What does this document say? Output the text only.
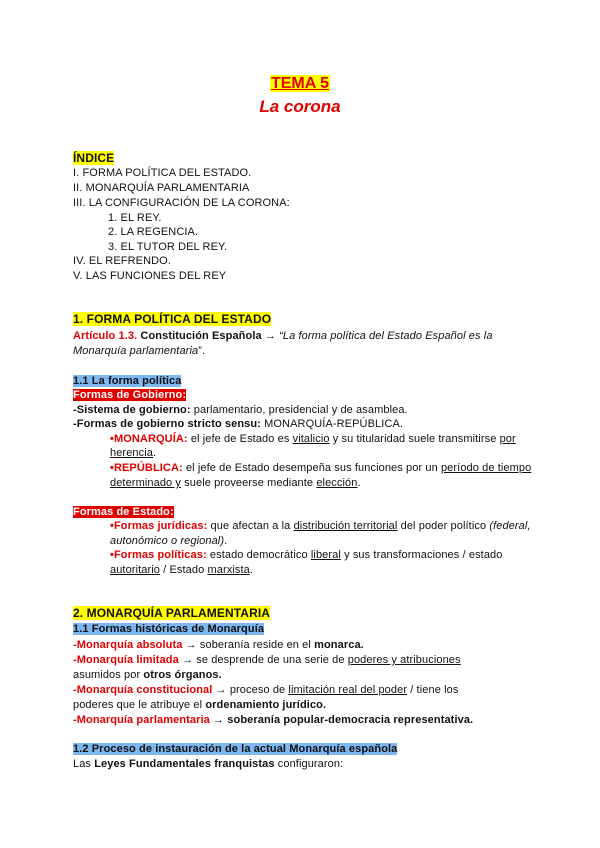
TEMA 5
La corona
ÍNDICE
I. FORMA POLÍTICA DEL ESTADO.
II. MONARQUÍA PARLAMENTARIA
III. LA CONFIGURACIÓN DE LA CORONA:
1. EL REY.
2. LA REGENCIA.
3. EL TUTOR DEL REY.
IV. EL REFRENDO.
V. LAS FUNCIONES DEL REY
1. FORMA POLÍTICA DEL ESTADO
Artículo 1.3. Constitución Española → “La forma política del Estado Español es la
Monarquía parlamentaria”.
1.1 La forma política
Formas de Gobierno:
-Sistema de gobierno: parlamentario, presidencial y de asamblea.
-Formas de gobierno stricto sensu: MONARQUÍA-REPÚBLICA.
•MONARQUÍA: el jefe de Estado es vitalicio y su titularidad suele transmitirse por
herencia.
•REPÚBLICA: el jefe de Estado desempeña sus funciones por un período de tiempo
determinado y suele proveerse mediante elección.
Formas de Estado:
•Formas jurídicas: que afectan a la distribución territorial del poder político (federal,
autonómico o regional).
•Formas políticas: estado democrático liberal y sus transformaciones / estado
autoritario / Estado marxista.
2. MONARQUÍA PARLAMENTARIA
1.1 Formas históricas de Monarquía
-Monarquía absoluta → soberanía reside en el monarca.
-Monarquía limitada → se desprende de una serie de poderes y atribuciones
asumidos por otros órganos.
-Monarquía constitucional → proceso de limitación real del poder / tiene los
poderes que le atribuye el ordenamiento jurídico.
-Monarquía parlamentaria → soberanía popular-democracia representativa.
1.2 Proceso de instauración de la actual Monarquía española
Las Leyes Fundamentales franquistas configuraron:
